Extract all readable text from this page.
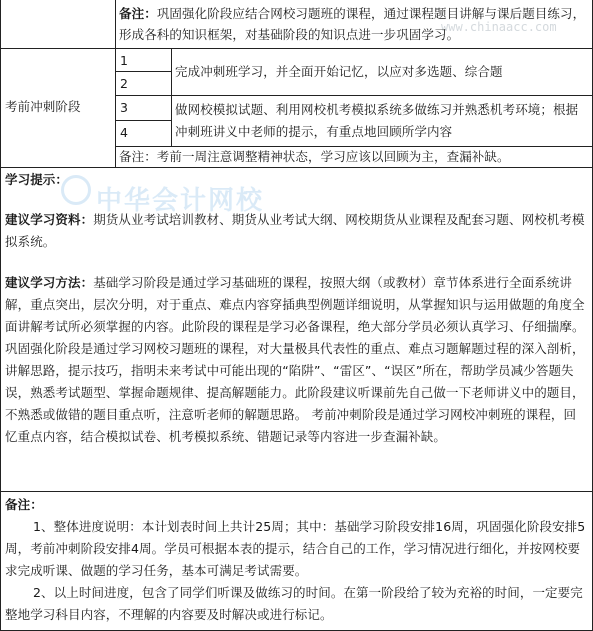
中华会计网校
www.chinaacc.com
备注：巩固强化阶段应结合网校习题班的课程，通过课程题目讲解与课后题目练习，形成各科的知识框架，对基础阶段的知识点进一步巩固学习。
考前冲刺阶段
1
2
3
4
完成冲刺班学习，并全面开始记忆，以应对多选题、综合题
做网校模拟试题、利用网校机考模拟系统多做练习并熟悉机考环境；根据冲刺班讲义中老师的提示，有重点地回顾所学内容
备注：考前一周注意调整精神状态，学习应该以回顾为主，查漏补缺。
学习提示：
建议学习资料：期货从业考试培训教材、期货从业考试大纲、网校期货从业课程及配套习题、网校机考模拟系统。
建议学习方法：基础学习阶段是通过学习基础班的课程，按照大纲（或教材）章节体系进行全面系统讲解，重点突出，层次分明，对于重点、难点内容穿插典型例题详细说明，从掌握知识与运用做题的角度全面讲解考试所必须掌握的内容。此阶段的课程是学习必备课程，绝大部分学员必须认真学习、仔细揣摩。 巩固强化阶段是通过学习网校习题班的课程，对大量极具代表性的重点、难点习题解题过程的深入剖析，讲解思路，提示技巧，指明未来考试中可能出现的“陷阱”、“雷区”、“误区”所在，帮助学员减少答题失误，熟悉考试题型、掌握命题规律、提高解题能力。此阶段建议听课前先自己做一下老师讲义中的题目，不熟悉或做错的题目重点听，注意听老师的解题思路。 考前冲刺阶段是通过学习网校冲刺班的课程，回忆重点内容，结合模拟试卷、机考模拟系统、错题记录等内容进一步查漏补缺。
备注：
1、整体进度说明：本计划表时间上共计25周；其中：基础学习阶段安排16周，巩固强化阶段安排5周，考前冲刺阶段安排4周。学员可根据本表的提示，结合自己的工作，学习情况进行细化，并按网校要求完成听课、做题的学习任务，基本可满足考试需要。
2、以上时间进度，包含了同学们听课及做练习的时间。在第一阶段给了较为充裕的时间，一定要完整地学习科目内容，不理解的内容要及时解决或进行标记。
